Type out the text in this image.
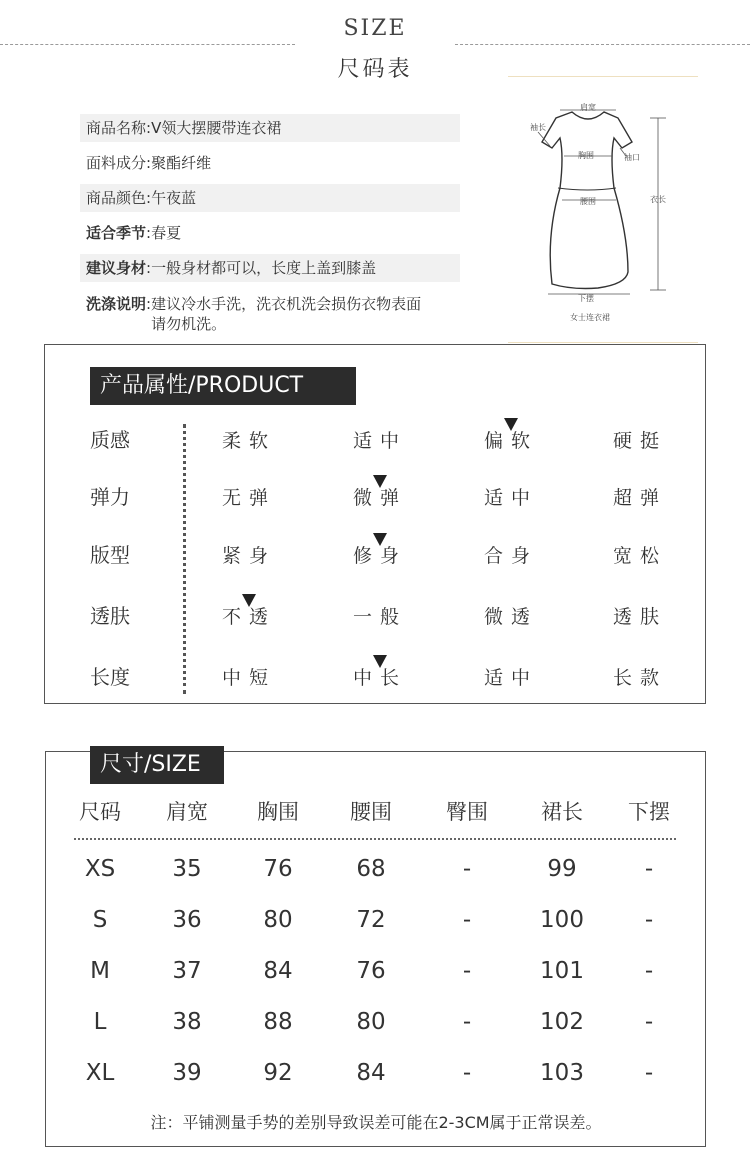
SIZE
尺码表
商品名称:V领大摆腰带连衣裙
面料成分:聚酯纤维
商品颜色:午夜蓝
适合季节:春夏
建议身材:一般身材都可以，长度上盖到膝盖
洗涤说明:建议冷水手洗，洗衣机洗会损伤衣物表面
请勿机洗。
肩宽
袖长
胸围	袖口
腰围	衣长
下摆
女士连衣裙
产品属性/PRODUCT
质感	柔软	适中	偏软	硬挺
弹力	无弹	微弹	适中	超弹
版型	紧身	修身	合身	宽松
透肤	不透	一般	微透	透肤
长度	中短	中长	适中	长款
尺寸/SIZE
尺码	肩宽	胸围	腰围	臀围	裙长	下摆
XS	35	76	68	-	99	-
S	36	80	72	-	100	-
M	37	84	76	-	101	-
L	38	88	80	-	102	-
XL	39	92	84	-	103	-
注：平铺测量手势的差别导致误差可能在2-3CM属于正常误差。
